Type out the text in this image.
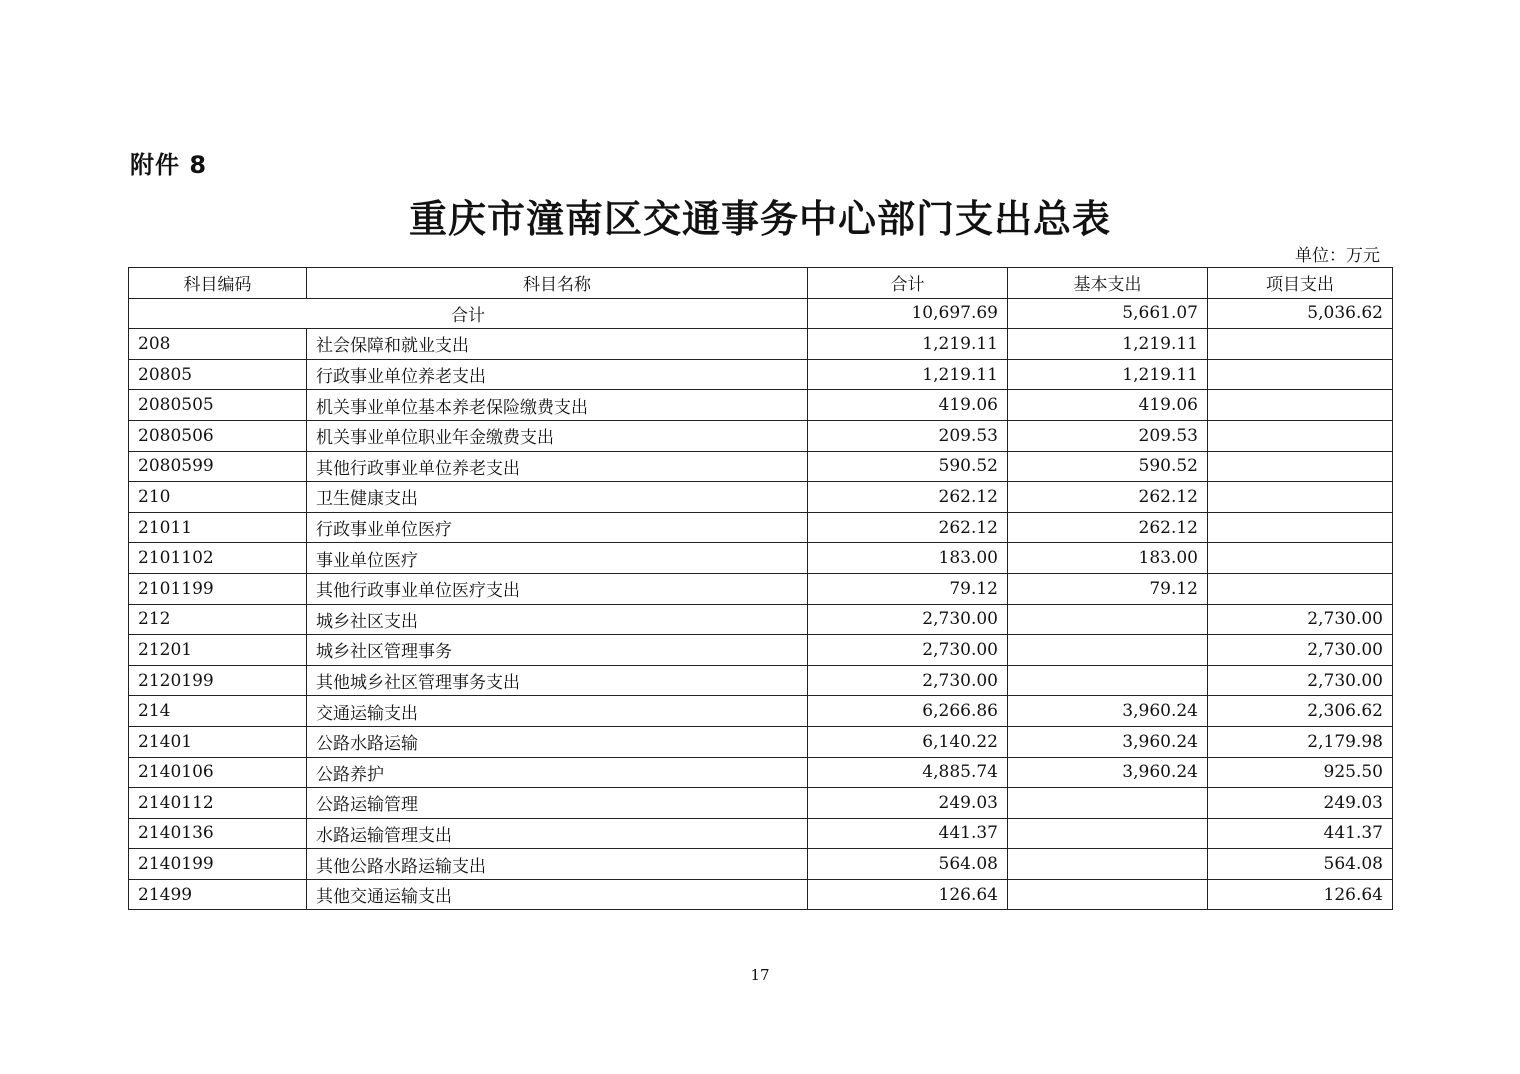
附件 8
重庆市潼南区交通事务中心部门支出总表
单位：万元
科目编码	科目名称	合计	基本支出	项目支出
合计		10,697.69	5,661.07	5,036.62
208	社会保障和就业支出	1,219.11	1,219.11	
20805	行政事业单位养老支出	1,219.11	1,219.11	
2080505	机关事业单位基本养老保险缴费支出	419.06	419.06	
2080506	机关事业单位职业年金缴费支出	209.53	209.53	
2080599	其他行政事业单位养老支出	590.52	590.52	
210	卫生健康支出	262.12	262.12	
21011	行政事业单位医疗	262.12	262.12	
2101102	事业单位医疗	183.00	183.00	
2101199	其他行政事业单位医疗支出	79.12	79.12	
212	城乡社区支出	2,730.00		2,730.00
21201	城乡社区管理事务	2,730.00		2,730.00
2120199	其他城乡社区管理事务支出	2,730.00		2,730.00
214	交通运输支出	6,266.86	3,960.24	2,306.62
21401	公路水路运输	6,140.22	3,960.24	2,179.98
2140106	公路养护	4,885.74	3,960.24	925.50
2140112	公路运输管理	249.03		249.03
2140136	水路运输管理支出	441.37		441.37
2140199	其他公路水路运输支出	564.08		564.08
21499	其他交通运输支出	126.64		126.64
17
